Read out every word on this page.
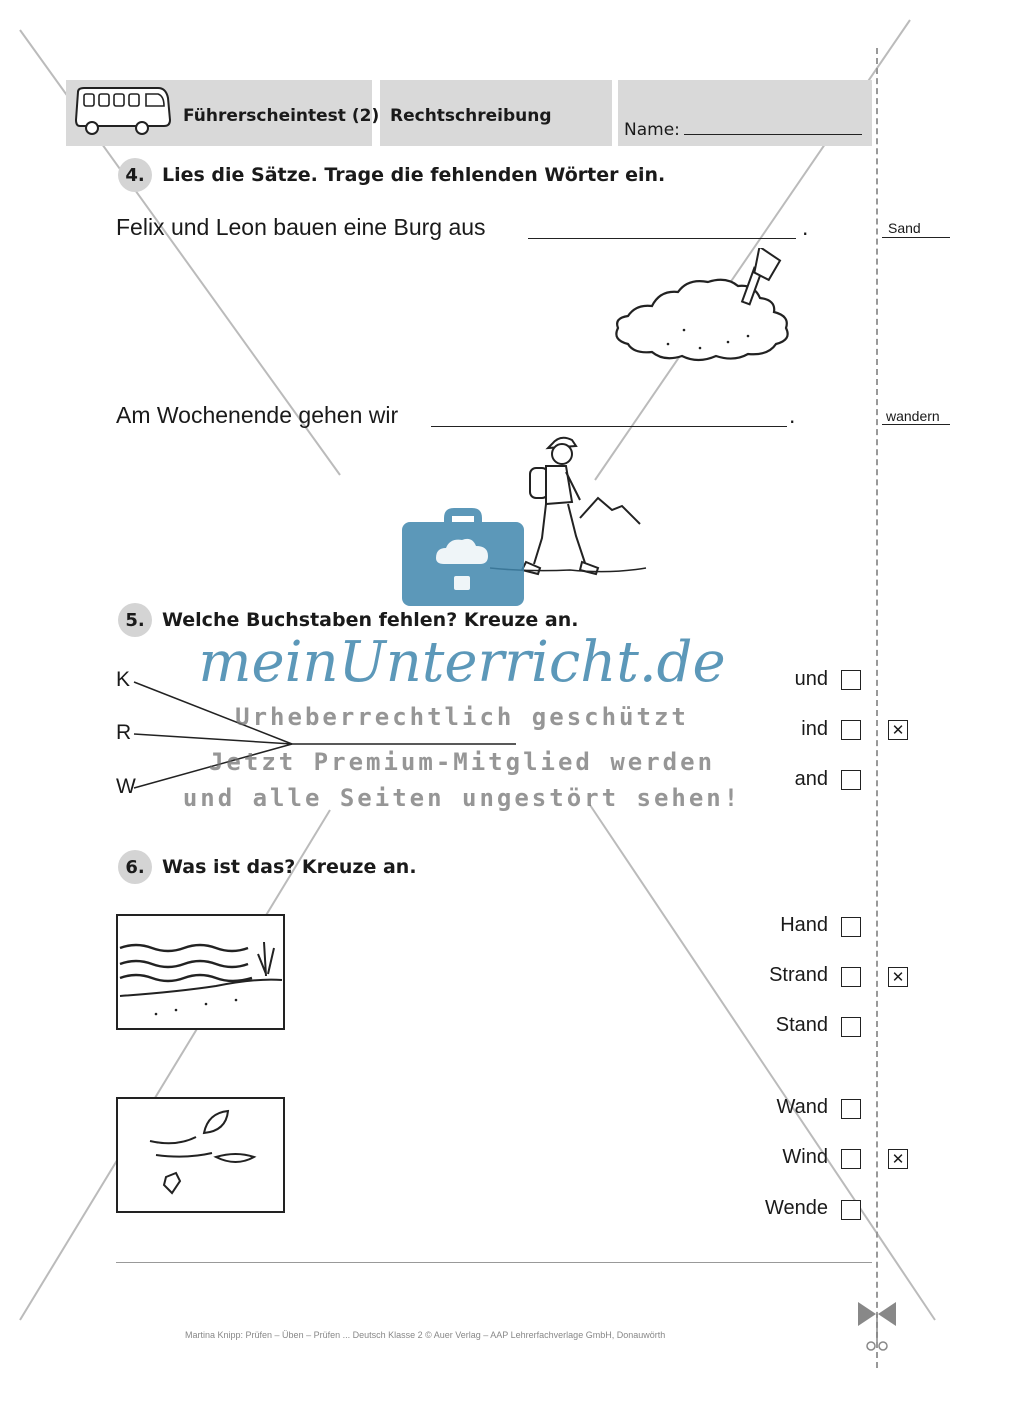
Führerscheintest (2) Rechtschreibung
Name:
4. Lies die Sätze. Trage die fehlenden Wörter ein.
Felix und Leon bauen eine Burg aus	.	Sand
Am Wochenende gehen wir	.	wandern
5. Welche Buchstaben fehlen? Kreuze an.
K
R
W
und
ind	✕
and
meinUnterricht.de
Urheberrechtlich geschützt
Jetzt Premium-Mitglied werden
und alle Seiten ungestört sehen!
6. Was ist das? Kreuze an.
Hand
Strand	✕
Stand
Wand
Wind	✕
Wende
Martina Knipp: Prüfen – Üben – Prüfen ... Deutsch Klasse 2 © Auer Verlag – AAP Lehrerfachverlage GmbH, Donauwörth
